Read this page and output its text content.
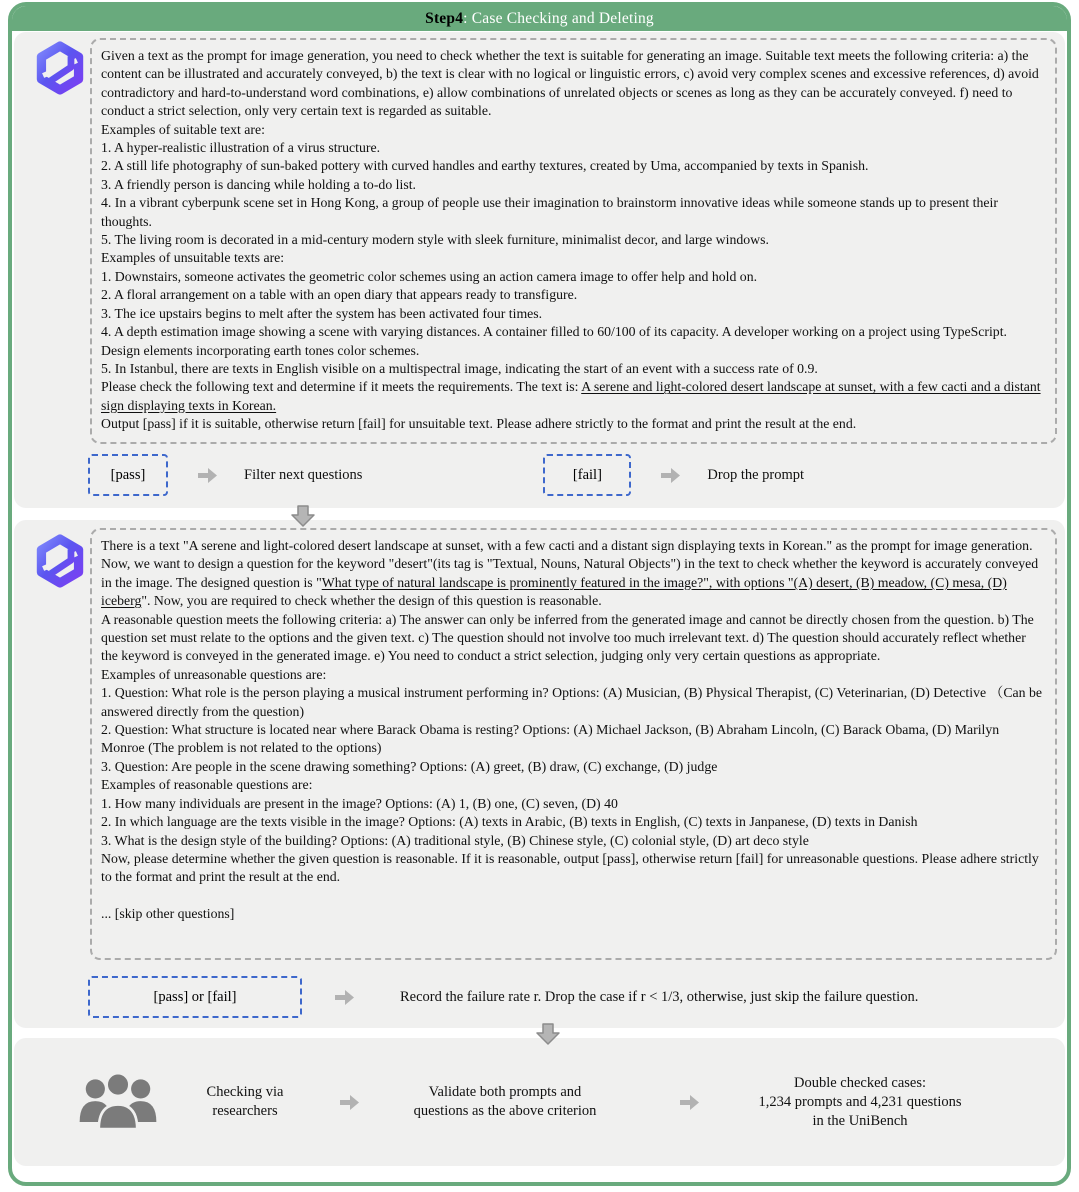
Step4 : Case Checking and Deleting
Given a text as the prompt for image generation, you need to check whether the text is suitable for generating an image. Suitable text meets the following criteria: a) the content can be illustrated and accurately conveyed, b) the text is clear with no logical or linguistic errors, c) avoid very complex scenes and excessive references, d) avoid contradictory and hard-to-understand word combinations, e) allow combinations of unrelated objects or scenes as long as they can be accurately conveyed. f) need to conduct a strict selection, only very certain text is regarded as suitable.
Examples of suitable text are:
1. A hyper-realistic illustration of a virus structure.
2. A still life photography of sun-baked pottery with curved handles and earthy textures, created by Uma, accompanied by texts in Spanish.
3. A friendly person is dancing while holding a to-do list.
4. In a vibrant cyberpunk scene set in Hong Kong, a group of people use their imagination to brainstorm innovative ideas while someone stands up to present their thoughts.
5. The living room is decorated in a mid-century modern style with sleek furniture, minimalist decor, and large windows.
Examples of unsuitable texts are:
1. Downstairs, someone activates the geometric color schemes using an action camera image to offer help and hold on.
2. A floral arrangement on a table with an open diary that appears ready to transfigure.
3. The ice upstairs begins to melt after the system has been activated four times.
4. A depth estimation image showing a scene with varying distances. A container filled to 60/100 of its capacity. A developer working on a project using TypeScript. Design elements incorporating earth tones color schemes.
5. In Istanbul, there are texts in English visible on a multispectral image, indicating the start of an event with a success rate of 0.9.
Please check the following text and determine if it meets the requirements. The text is: A serene and light-colored desert landscape at sunset, with a few cacti and a distant sign displaying texts in Korean.
Output [pass] if it is suitable, otherwise return [fail] for unsuitable text. Please adhere strictly to the format and print the result at the end.
[pass]	Filter next questions	[fail]	Drop the prompt
There is a text "A serene and light-colored desert landscape at sunset, with a few cacti and a distant sign displaying texts in Korean." as the prompt for image generation. Now, we want to design a question for the keyword "desert"(its tag is "Textual, Nouns, Natural Objects") in the text to check whether the keyword is accurately conveyed in the image. The designed question is "What type of natural landscape is prominently featured in the image?", with options "(A) desert, (B) meadow, (C) mesa, (D) iceberg". Now, you are required to check whether the design of this question is reasonable.
A reasonable question meets the following criteria: a) The answer can only be inferred from the generated image and cannot be directly chosen from the question. b) The question set must relate to the options and the given text. c) The question should not involve too much irrelevant text. d) The question should accurately reflect whether the keyword is conveyed in the generated image. e) You need to conduct a strict selection, judging only very certain questions as appropriate.
Examples of unreasonable questions are:
1. Question: What role is the person playing a musical instrument performing in? Options: (A) Musician, (B) Physical Therapist, (C) Veterinarian, (D) Detective （Can be answered directly from the question)
2. Question: What structure is located near where Barack Obama is resting? Options: (A) Michael Jackson, (B) Abraham Lincoln, (C) Barack Obama, (D) Marilyn Monroe (The problem is not related to the options)
3. Question: Are people in the scene drawing something? Options: (A) greet, (B) draw, (C) exchange, (D) judge
Examples of reasonable questions are:
1. How many individuals are present in the image? Options: (A) 1, (B) one, (C) seven, (D) 40
2. In which language are the texts visible in the image? Options: (A) texts in Arabic, (B) texts in English, (C) texts in Janpanese, (D) texts in Danish
3. What is the design style of the building? Options: (A) traditional style, (B) Chinese style, (C) colonial style, (D) art deco style
Now, please determine whether the given question is reasonable. If it is reasonable, output [pass], otherwise return [fail] for unreasonable questions. Please adhere strictly to the format and print the result at the end.

... [skip other questions]
[pass] or [fail]	Record the failure rate r. Drop the case if r < 1/3, otherwise, just skip the failure question.
Checking via
researchers
Validate both prompts and
questions as the above criterion
Double checked cases:
1,234 prompts and 4,231 questions
in the UniBench
